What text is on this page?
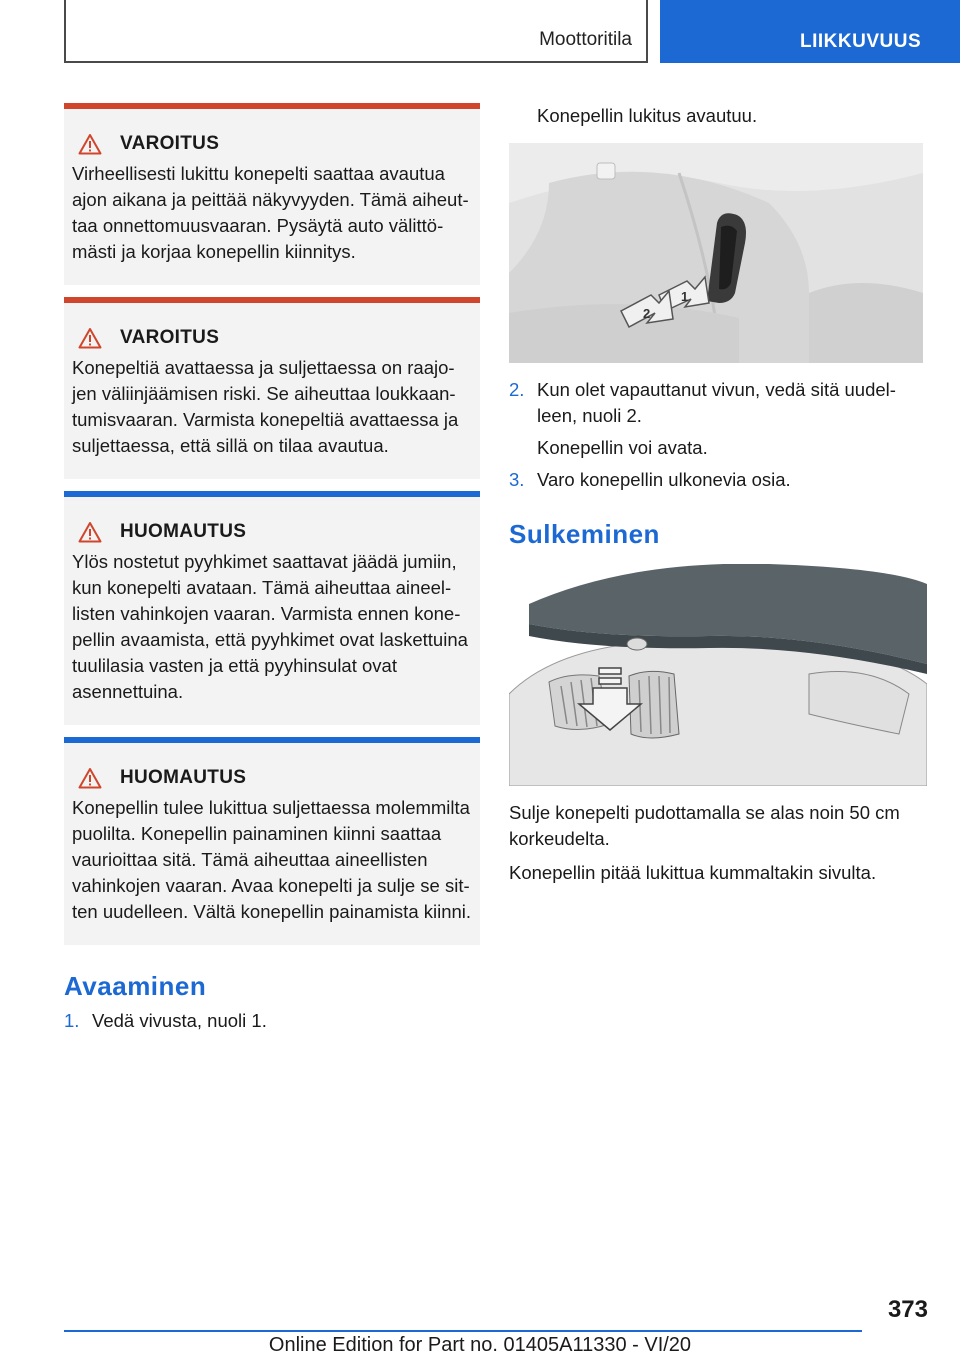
Moottoritila	LIIKKUVUUS
VAROITUS

Virheellisesti lukittu konepelti saattaa avautua ajon aikana ja peittää näkyvyyden. Tämä aiheuttaa onnettomuusvaaran. Pysäytä auto välittömästi ja korjaa konepellin kiinnitys.

VAROITUS

Konepeltiä avattaessa ja suljettaessa on raajojen väliinjäämisen riski. Se aiheuttaa loukkaantumisvaaran. Varmista konepeltiä avattaessa ja suljettaessa, että sillä on tilaa avautua.

HUOMAUTUS

Ylös nostetut pyyhkimet saattavat jäädä jumiin, kun konepelti avataan. Tämä aiheuttaa aineellisten vahinkojen vaaran. Varmista ennen konepellin avaamista, että pyyhkimet ovat laskettuina tuulilasia vasten ja että pyyhinsulat ovat asennettuina.

HUOMAUTUS

Konepellin tulee lukittua suljettaessa molemmilta puolilta. Konepellin painaminen kiinni saattaa vaurioittaa sitä. Tämä aiheuttaa aineellisten vahinkojen vaaran. Avaa konepelti ja sulje se sitten uudelleen. Vältä konepellin painamista kiinni.

Avaaminen
1. Vedä vivusta, nuoli 1.
Konepellin lukitus avautuu.
1
2
2. Kun olet vapauttanut vivun, vedä sitä uudelleen, nuoli 2.
Konepellin voi avata.
3. Varo konepellin ulkonevia osia.
Sulkeminen

Sulje konepelti pudottamalla se alas noin 50 cm korkeudelta.

Konepellin pitää lukittua kummaltakin sivulta.

373
Online Edition for Part no. 01405A11330 - VI/20
